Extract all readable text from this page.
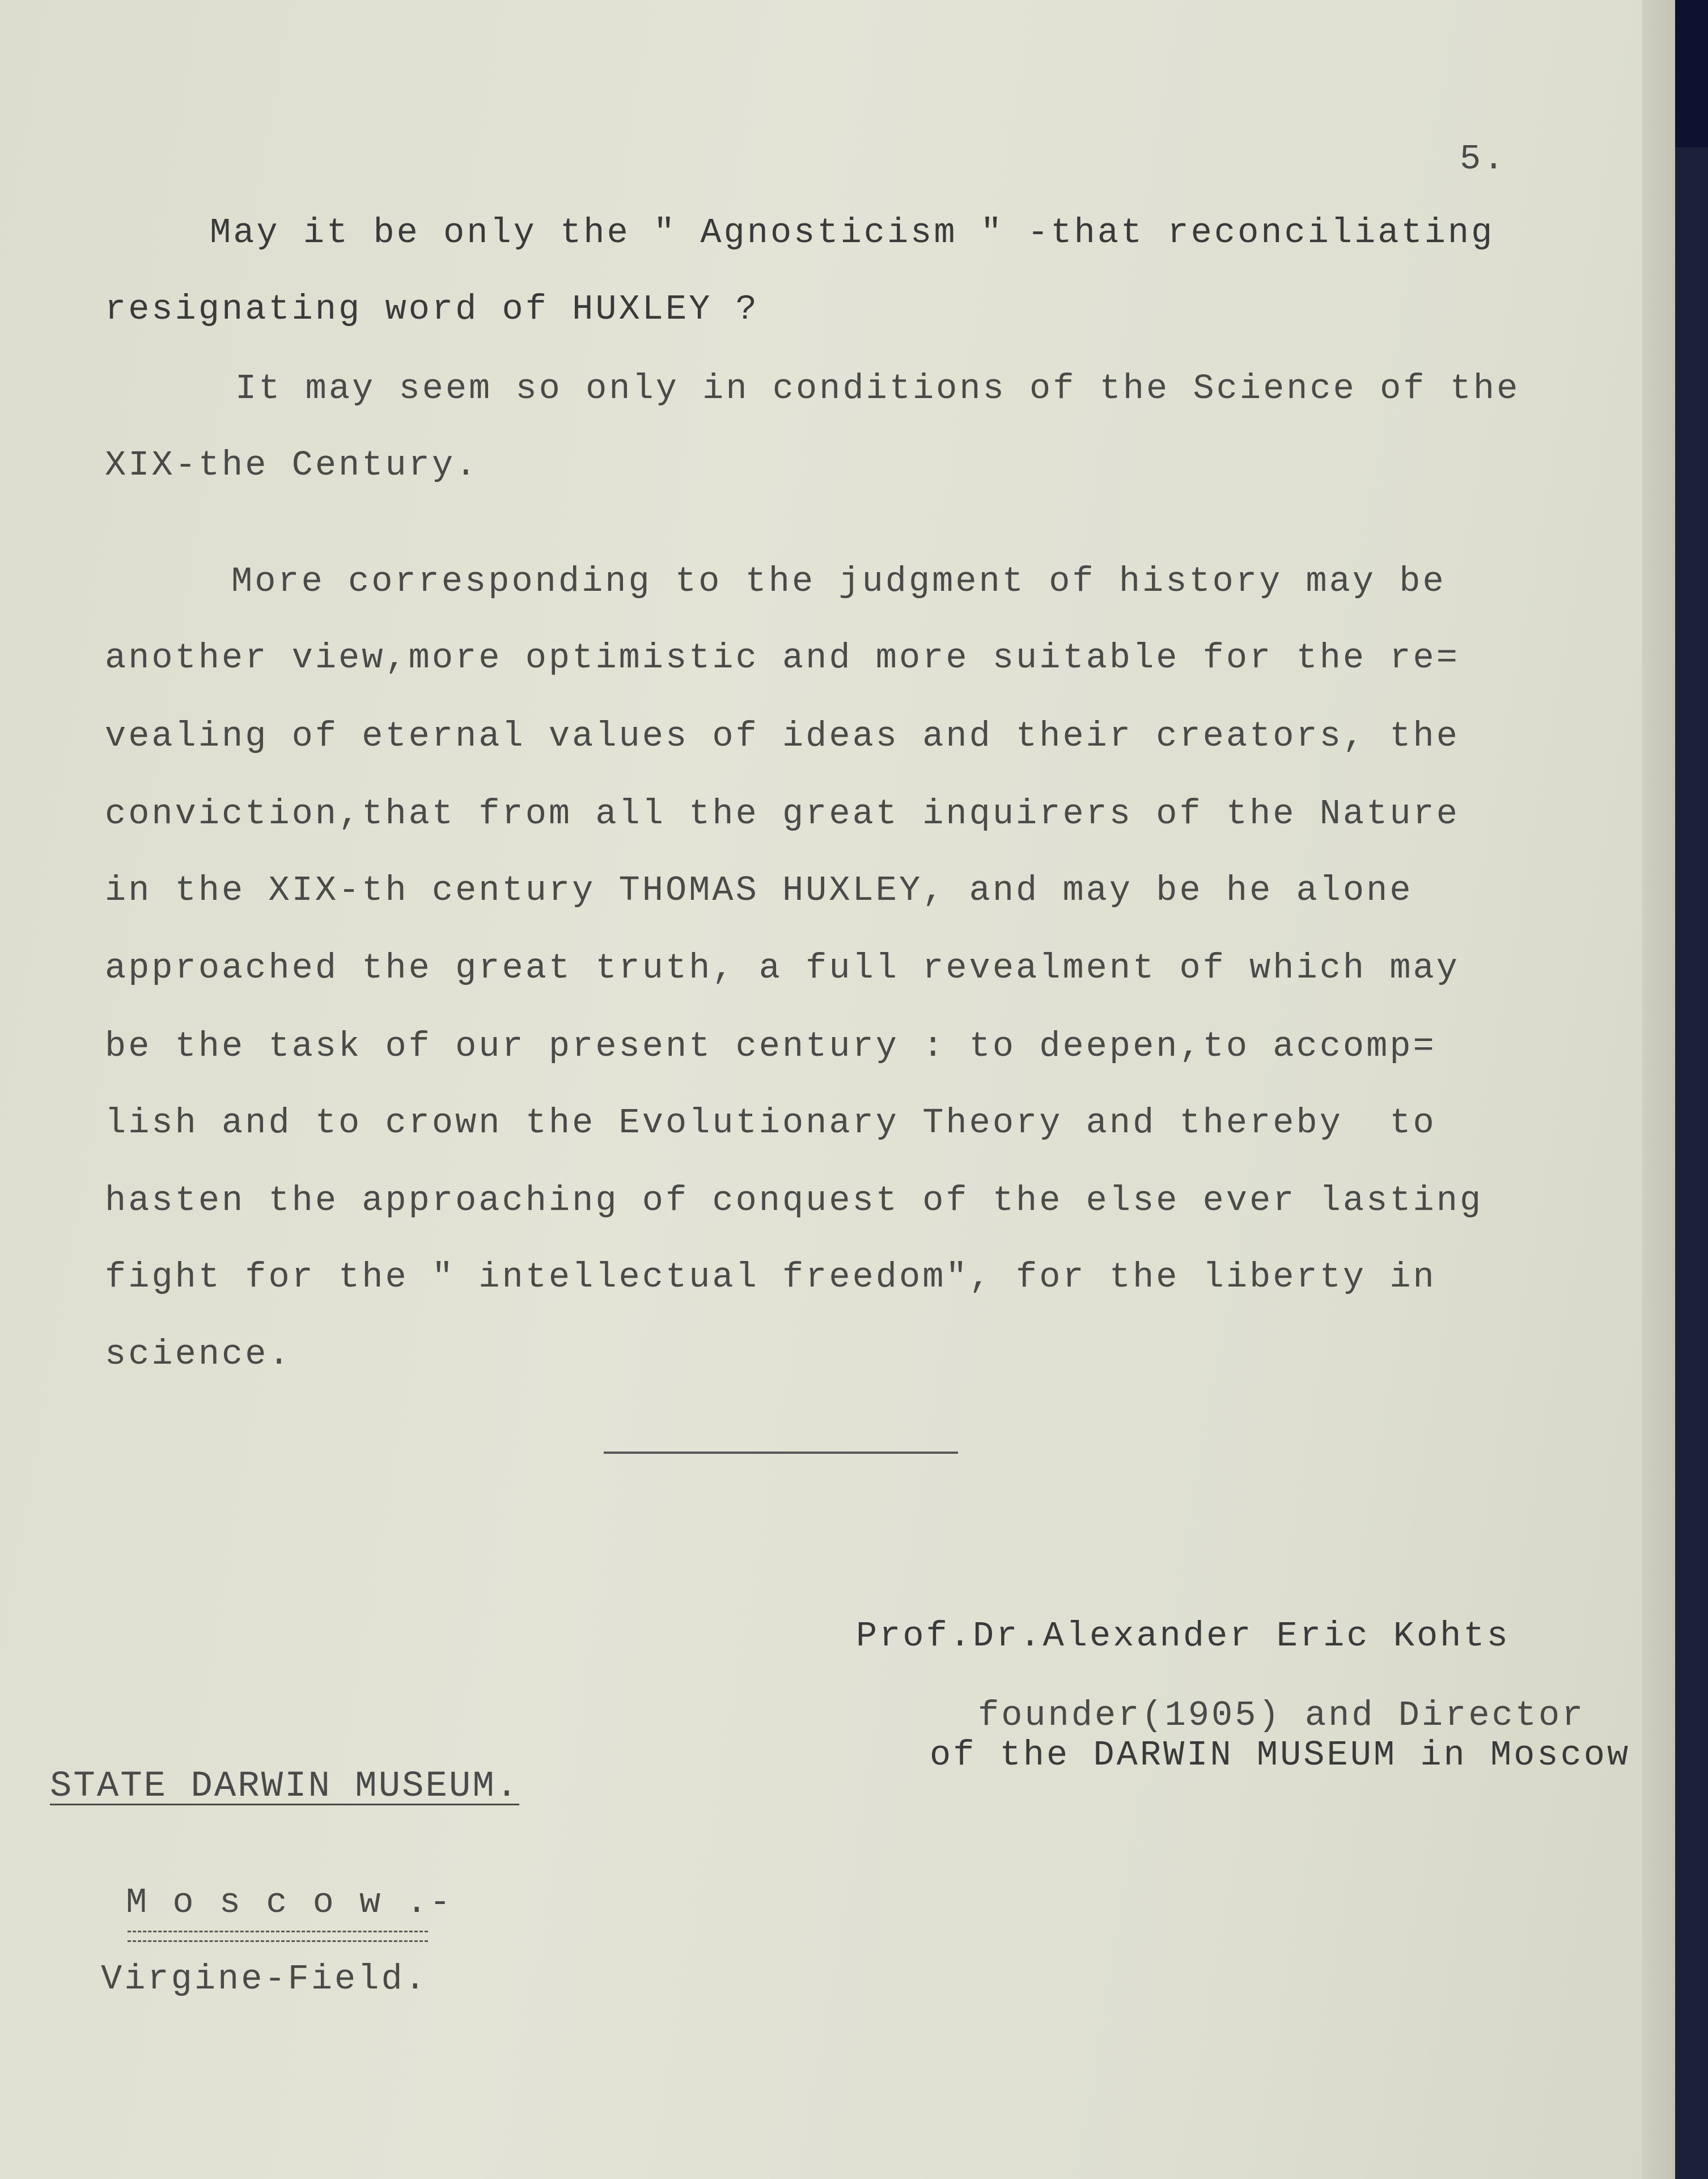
5.
May it be only the " Agnosticism " -that reconciliating
resignating word of HUXLEY ?
It may seem so only in conditions of the Science of the
XIX-the Century.
More corresponding to the judgment of history may be
another view,more optimistic and more suitable for the re=
vealing of eternal values of ideas and their creators, the
conviction,that from all the great inquirers of the Nature
in the XIX-th century THOMAS HUXLEY, and may be he alone
approached the great truth, a full revealment of which may
be the task of our present century : to deepen,to accomp=
lish and to crown the Evolutionary Theory and thereby  to
hasten the approaching of conquest of the else ever lasting
fight for the " intellectual freedom", for the liberty in
science.
Prof.Dr.Alexander Eric Kohts
founder(1905) and Director
of the DARWIN MUSEUM in Moscow
STATE DARWIN MUSEUM.
M o s c o w .-
Virgine-Field.
